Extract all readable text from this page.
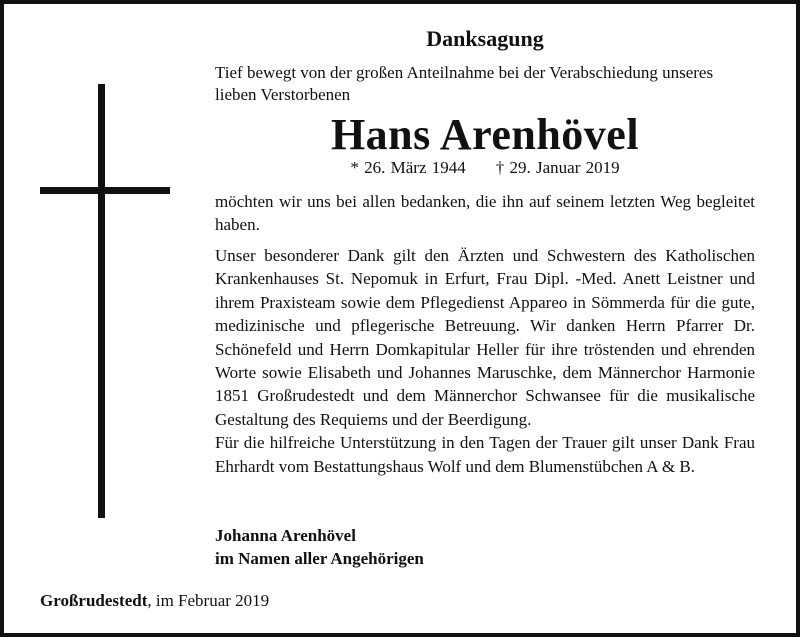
Danksagung
Tief bewegt von der großen Anteilnahme bei der Verabschiedung unseres
lieben Verstorbenen
Hans Arenhövel
* 26. März 1944 † 29. Januar 2019
möchten wir uns bei allen bedanken, die ihn auf seinem letzten Weg begleitet haben.

Unser besonderer Dank gilt den Ärzten und Schwestern des Katholischen Krankenhauses St. Nepomuk in Erfurt, Frau Dipl. -Med. Anett Leistner und ihrem Praxisteam sowie dem Pflegedienst Appareo in Sömmerda für die gute, medizinische und pflegerische Betreuung. Wir danken Herrn Pfarrer Dr. Schönefeld und Herrn Domkapitular Heller für ihre tröstenden und ehrenden Worte sowie Elisabeth und Johannes Maruschke, dem Männerchor Harmonie 1851 Großrudestedt und dem Männerchor Schwansee für die musikalische Gestaltung des Requiems und der Beerdigung.

Für die hilfreiche Unterstützung in den Tagen der Trauer gilt unser Dank Frau Ehrhardt vom Bestattungshaus Wolf und dem Blumenstübchen A & B.

Johanna Arenhövel
im Namen aller Angehörigen
Großrudestedt, im Februar 2019
